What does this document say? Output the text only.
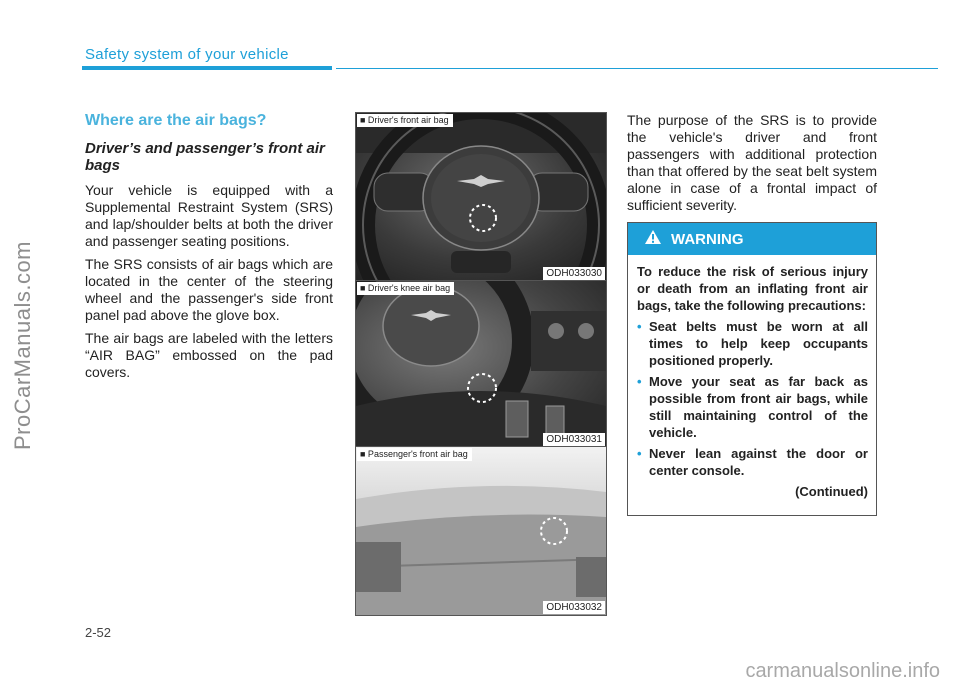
ProCarManuals.com
carmanualsonline.info
Safety system of your vehicle
Where are the air bags?
Driver’s and passenger’s front air bags

Your vehicle is equipped with a Supplemental Restraint System (SRS) and lap/shoulder belts at both the driver and passenger seating positions.

The SRS consists of air bags which are located in the center of the steering wheel and the passenger's side front panel pad above the glove box.

The air bags are labeled with the letters “AIR BAG” embossed on the pad covers.

■ Driver's front air bag
ODH033030
■ Driver's knee air bag
ODH033031
■ Passenger's front air bag
ODH033032

The purpose of the SRS is to provide the vehicle's driver and front passengers with additional protection than that offered by the seat belt system alone in case of a frontal impact of sufficient severity.

WARNING

To reduce the risk of serious injury or death from an inflating front air bags, take the following precautions:

• Seat belts must be worn at all times to help keep occupants positioned properly.
• Move your seat as far back as possible from front air bags, while still maintaining control of the vehicle.
• Never lean against the door or center console.
(Continued)
2-52
